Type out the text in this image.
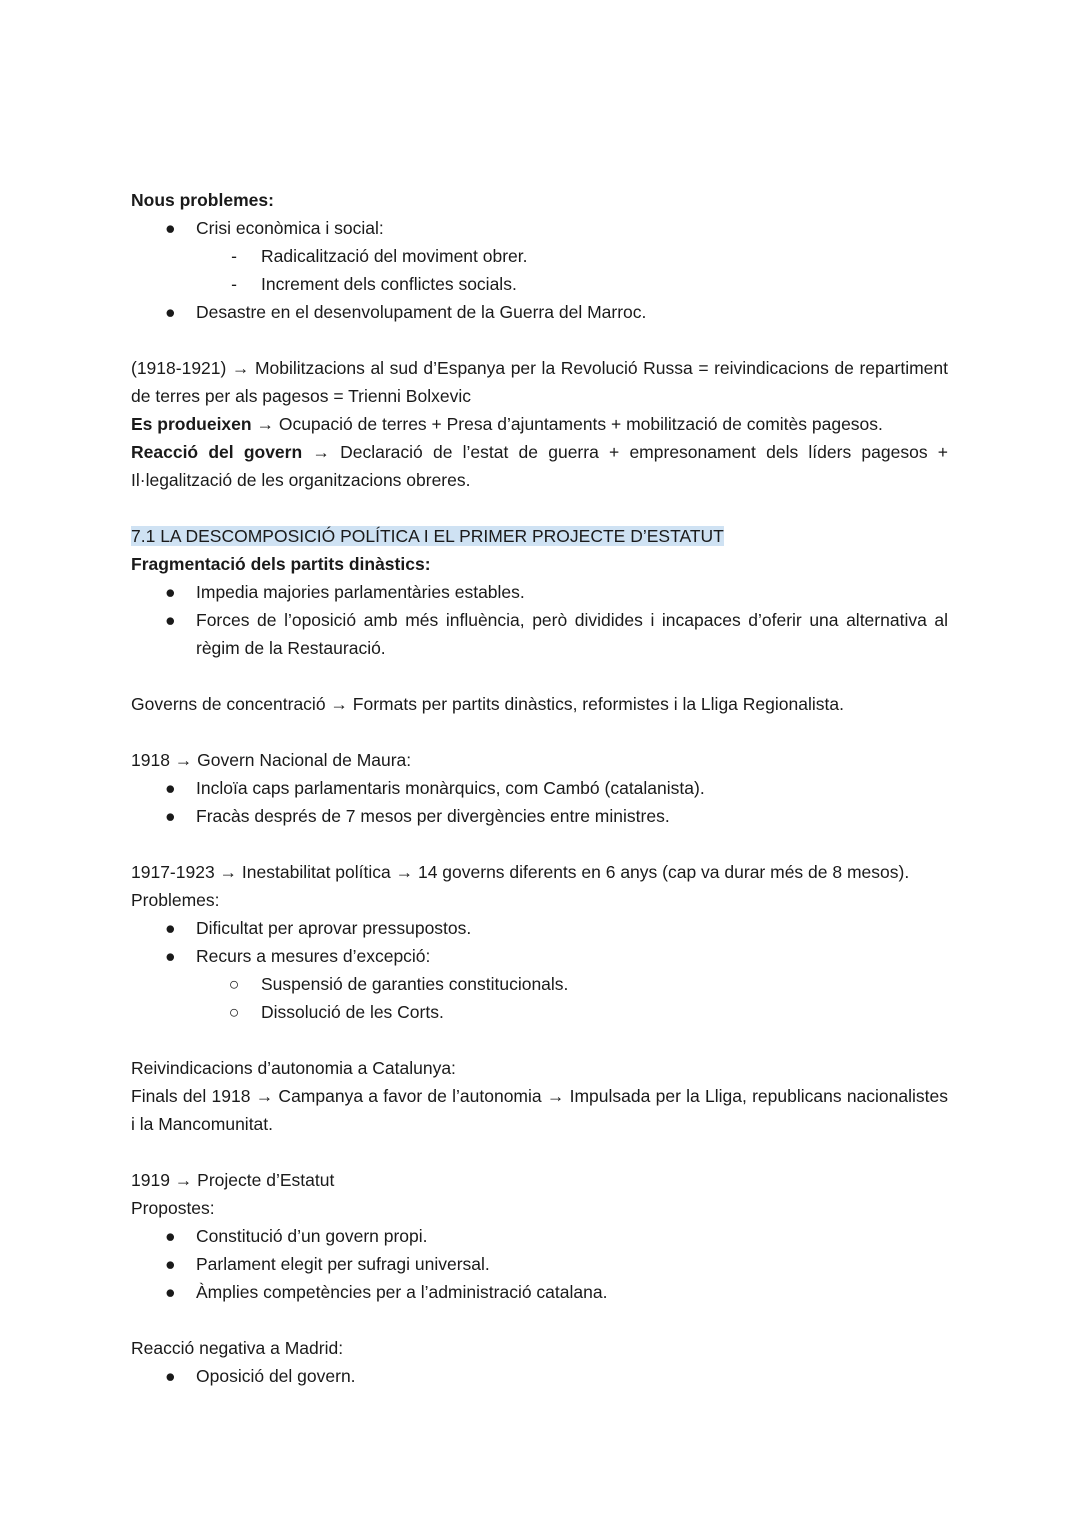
Nous problemes:
● Crisi econòmica i social:
- Radicalització del moviment obrer.
- Increment dels conflictes socials.
● Desastre en el desenvolupament de la Guerra del Marroc.
(1918-1921) → Mobilitzacions al sud d’Espanya per la Revolució Russa = reivindicacions de repartiment de terres per als pagesos = Trienni Bolxevic
Es produeixen → Ocupació de terres + Presa d’ajuntaments + mobilització de comitès pagesos.
Reacció del govern → Declaració de l’estat de guerra + empresonament dels líders pagesos + Il·legalització de les organitzacions obreres.
7.1 LA DESCOMPOSICIÓ POLÍTICA I EL PRIMER PROJECTE D’ESTATUT
Fragmentació dels partits dinàstics:
● Impedia majories parlamentàries estables.
● Forces de l’oposició amb més influència, però dividides i incapaces d’oferir una alternativa al règim de la Restauració.
Governs de concentració → Formats per partits dinàstics, reformistes i la Lliga Regionalista.
1918 → Govern Nacional de Maura:
● Incloïa caps parlamentaris monàrquics, com Cambó (catalanista).
● Fracàs després de 7 mesos per divergències entre ministres.
1917-1923 → Inestabilitat política → 14 governs diferents en 6 anys (cap va durar més de 8 mesos).
Problemes:
● Dificultat per aprovar pressupostos.
● Recurs a mesures d’excepció:
○ Suspensió de garanties constitucionals.
○ Dissolució de les Corts.
Reivindicacions d’autonomia a Catalunya:
Finals del 1918 → Campanya a favor de l’autonomia → Impulsada per la Lliga, republicans nacionalistes i la Mancomunitat.
1919 → Projecte d’Estatut
Propostes:
● Constitució d’un govern propi.
● Parlament elegit per sufragi universal.
● Àmplies competències per a l’administració catalana.
Reacció negativa a Madrid:
● Oposició del govern.
